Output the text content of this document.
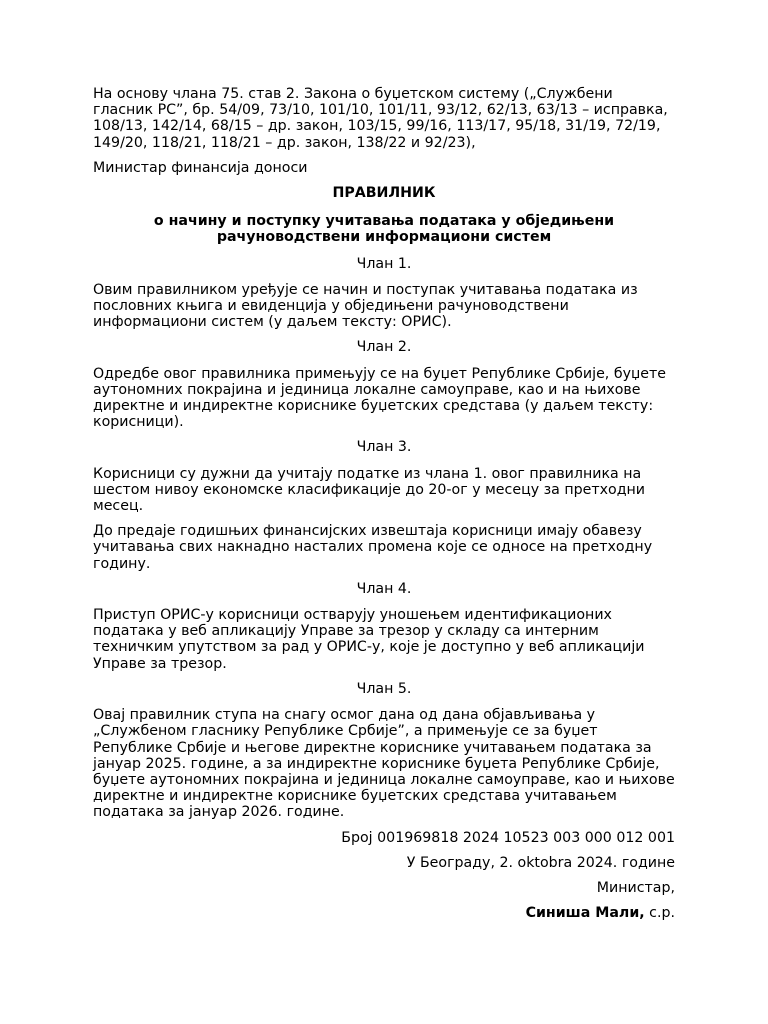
На основу члана 75. став 2. Закона о буџетском систему („Службени гласник РС”, бр. 54/09, 73/10, 101/10, 101/11, 93/12, 62/13, 63/13 – исправка, 108/13, 142/14, 68/15 – др. закон, 103/15, 99/16, 113/17, 95/18, 31/19, 72/19, 149/20, 118/21, 118/21 – др. закон, 138/22 и 92/23),

Министар финансија доноси

ПРАВИЛНИК

о начину и поступку учитавања података у обједињени рачуноводствени информациони систем

Члан 1.

Овим правилником уређује се начин и поступак учитавања података из пословних књига и евиденција у обједињени рачуноводствени информациони систем (у даљем тексту: ОРИС).

Члан 2.

Одредбе овог правилника примењују се на буџет Републике Србије, буџете аутономних покрајина и јединица локалне самоуправе, као и на њихове директне и индиректне кориснике буџетских средстава (у даљем тексту: корисници).

Члан 3.

Корисници су дужни да учитају податке из члана 1. овог правилника на шестом нивоу економске класификације до 20-ог у месецу за претходни месец.

До предаје годишњих финансијских извештаја корисници имају обавезу учитавања свих накнадно насталих промена које се односе на претходну годину.

Члан 4.

Приступ ОРИС-у корисници остварују уношењем идентификационих података у веб апликацију Управе за трезор у складу са интерним техничким упутством за рад у ОРИС-у, које је доступно у веб апликацији Управе за трезор.

Члан 5.

Овај правилник ступа на снагу осмог дана од дана објављивања у „Службеном гласнику Републике Србије”, а примењује се за буџет Републике Србије и његове директне кориснике учитавањем података за јануар 2025. године, а за индиректне кориснике буџета Републике Србије, буџете аутономних покрајина и јединица локалне самоуправе, као и њихове директне и индиректне кориснике буџетских средстава учитавањем података за јануар 2026. године.

Број 001969818 2024 10523 003 000 012 001

У Београду, 2. oktobra 2024. године

Министар,

Синиша Мали, с.р.
